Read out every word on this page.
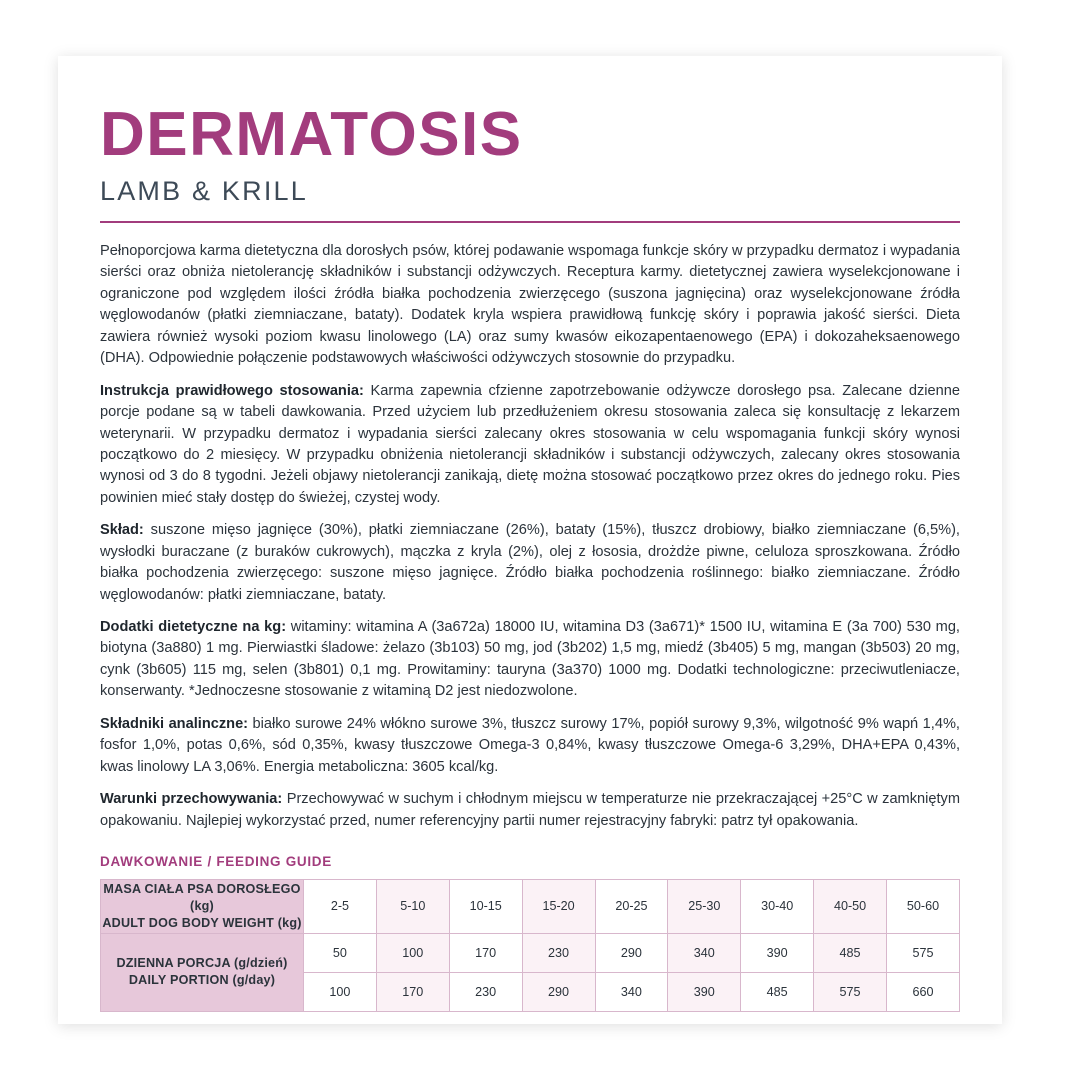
DERMATOSIS
LAMB & KRILL

Pełnoporcjowa karma dietetyczna dla dorosłych psów, której podawanie wspomaga funkcje skóry w przypadku dermatoz i wypadania sierści oraz obniża nietolerancję składników i substancji odżywczych. Receptura karmy. dietetycznej zawiera wyselekcjonowane i ograniczone pod względem ilości źródła białka pochodzenia zwierzęcego (suszona jagnięcina) oraz wyselekcjonowane źródła węglowodanów (płatki ziemniaczane, bataty). Dodatek kryla wspiera prawidłową funkcję skóry i poprawia jakość sierści. Dieta zawiera również wysoki poziom kwasu linolowego (LA) oraz sumy kwasów eikozapentaenowego (EPA) i dokozaheksaenowego (DHA). Odpowiednie połączenie podstawowych właściwości odżywczych stosownie do przypadku.

Instrukcja prawidłowego stosowania: Karma zapewnia cfzienne zapotrzebowanie odżywcze dorosłego psa. Zalecane dzienne porcje podane są w tabeli dawkowania. Przed użyciem lub przedłużeniem okresu stosowania zaleca się konsultację z lekarzem weterynarii. W przypadku dermatoz i wypadania sierści zalecany okres stosowania w celu wspomagania funkcji skóry wynosi początkowo do 2 miesięcy. W przypadku obniżenia nietolerancji składników i substancji odżywczych, zalecany okres stosowania wynosi od 3 do 8 tygodni. Jeżeli objawy nietolerancji zanikają, dietę można stosować początkowo przez okres do jednego roku. Pies powinien mieć stały dostęp do świeżej, czystej wody.

Skład: suszone mięso jagnięce (30%), płatki ziemniaczane (26%), bataty (15%), tłuszcz drobiowy, białko ziemniaczane (6,5%), wysłodki buraczane (z buraków cukrowych), mączka z kryla (2%), olej z łososia, drożdże piwne, celuloza sproszkowana. Źródło białka pochodzenia zwierzęcego: suszone mięso jagnięce. Źródło białka pochodzenia roślinnego: białko ziemniaczane. Źródło węglowodanów: płatki ziemniaczane, bataty.

Dodatki dietetyczne na kg: witaminy: witamina A (3a672a) 18000 IU, witamina D3 (3a671)* 1500 IU, witamina E (3a 700) 530 mg, biotyna (3a880) 1 mg. Pierwiastki śladowe: żelazo (3b103) 50 mg, jod (3b202) 1,5 mg, miedź (3b405) 5 mg, mangan (3b503) 20 mg, cynk (3b605) 115 mg, selen (3b801) 0,1 mg. Prowitaminy: tauryna (3a370) 1000 mg. Dodatki technologiczne: przeciwutleniacze, konserwanty. *Jednoczesne stosowanie z witaminą D2 jest niedozwolone.

Składniki analinczne: białko surowe 24% włókno surowe 3%, tłuszcz surowy 17%, popiół surowy 9,3%, wilgotność 9% wapń 1,4%, fosfor 1,0%, potas 0,6%, sód 0,35%, kwasy tłuszczowe Omega-3 0,84%, kwasy tłuszczowe Omega-6 3,29%, DHA+EPA 0,43%, kwas linolowy LA 3,06%. Energia metaboliczna: 3605 kcal/kg.

Warunki przechowywania: Przechowywać w suchym i chłodnym miejscu w temperaturze nie przekraczającej +25°C w zamkniętym opakowaniu. Najlepiej wykorzystać przed, numer referencyjny partii numer rejestracyjny fabryki: patrz tył opakowania.

DAWKOWANIE / FEEDING GUIDE
MASA CIAŁA PSA DOROSŁEGO (kg)
ADULT DOG BODY WEIGHT (kg)	2-5	5-10	10-15	15-20	20-25	25-30	30-40	40-50	50-60

DZIENNA PORCJA (g/dzień)
DAILY PORTION (g/day)	50	100	170	230	290	340	390	485	575
	100	170	230	290	340	390	485	575	660
